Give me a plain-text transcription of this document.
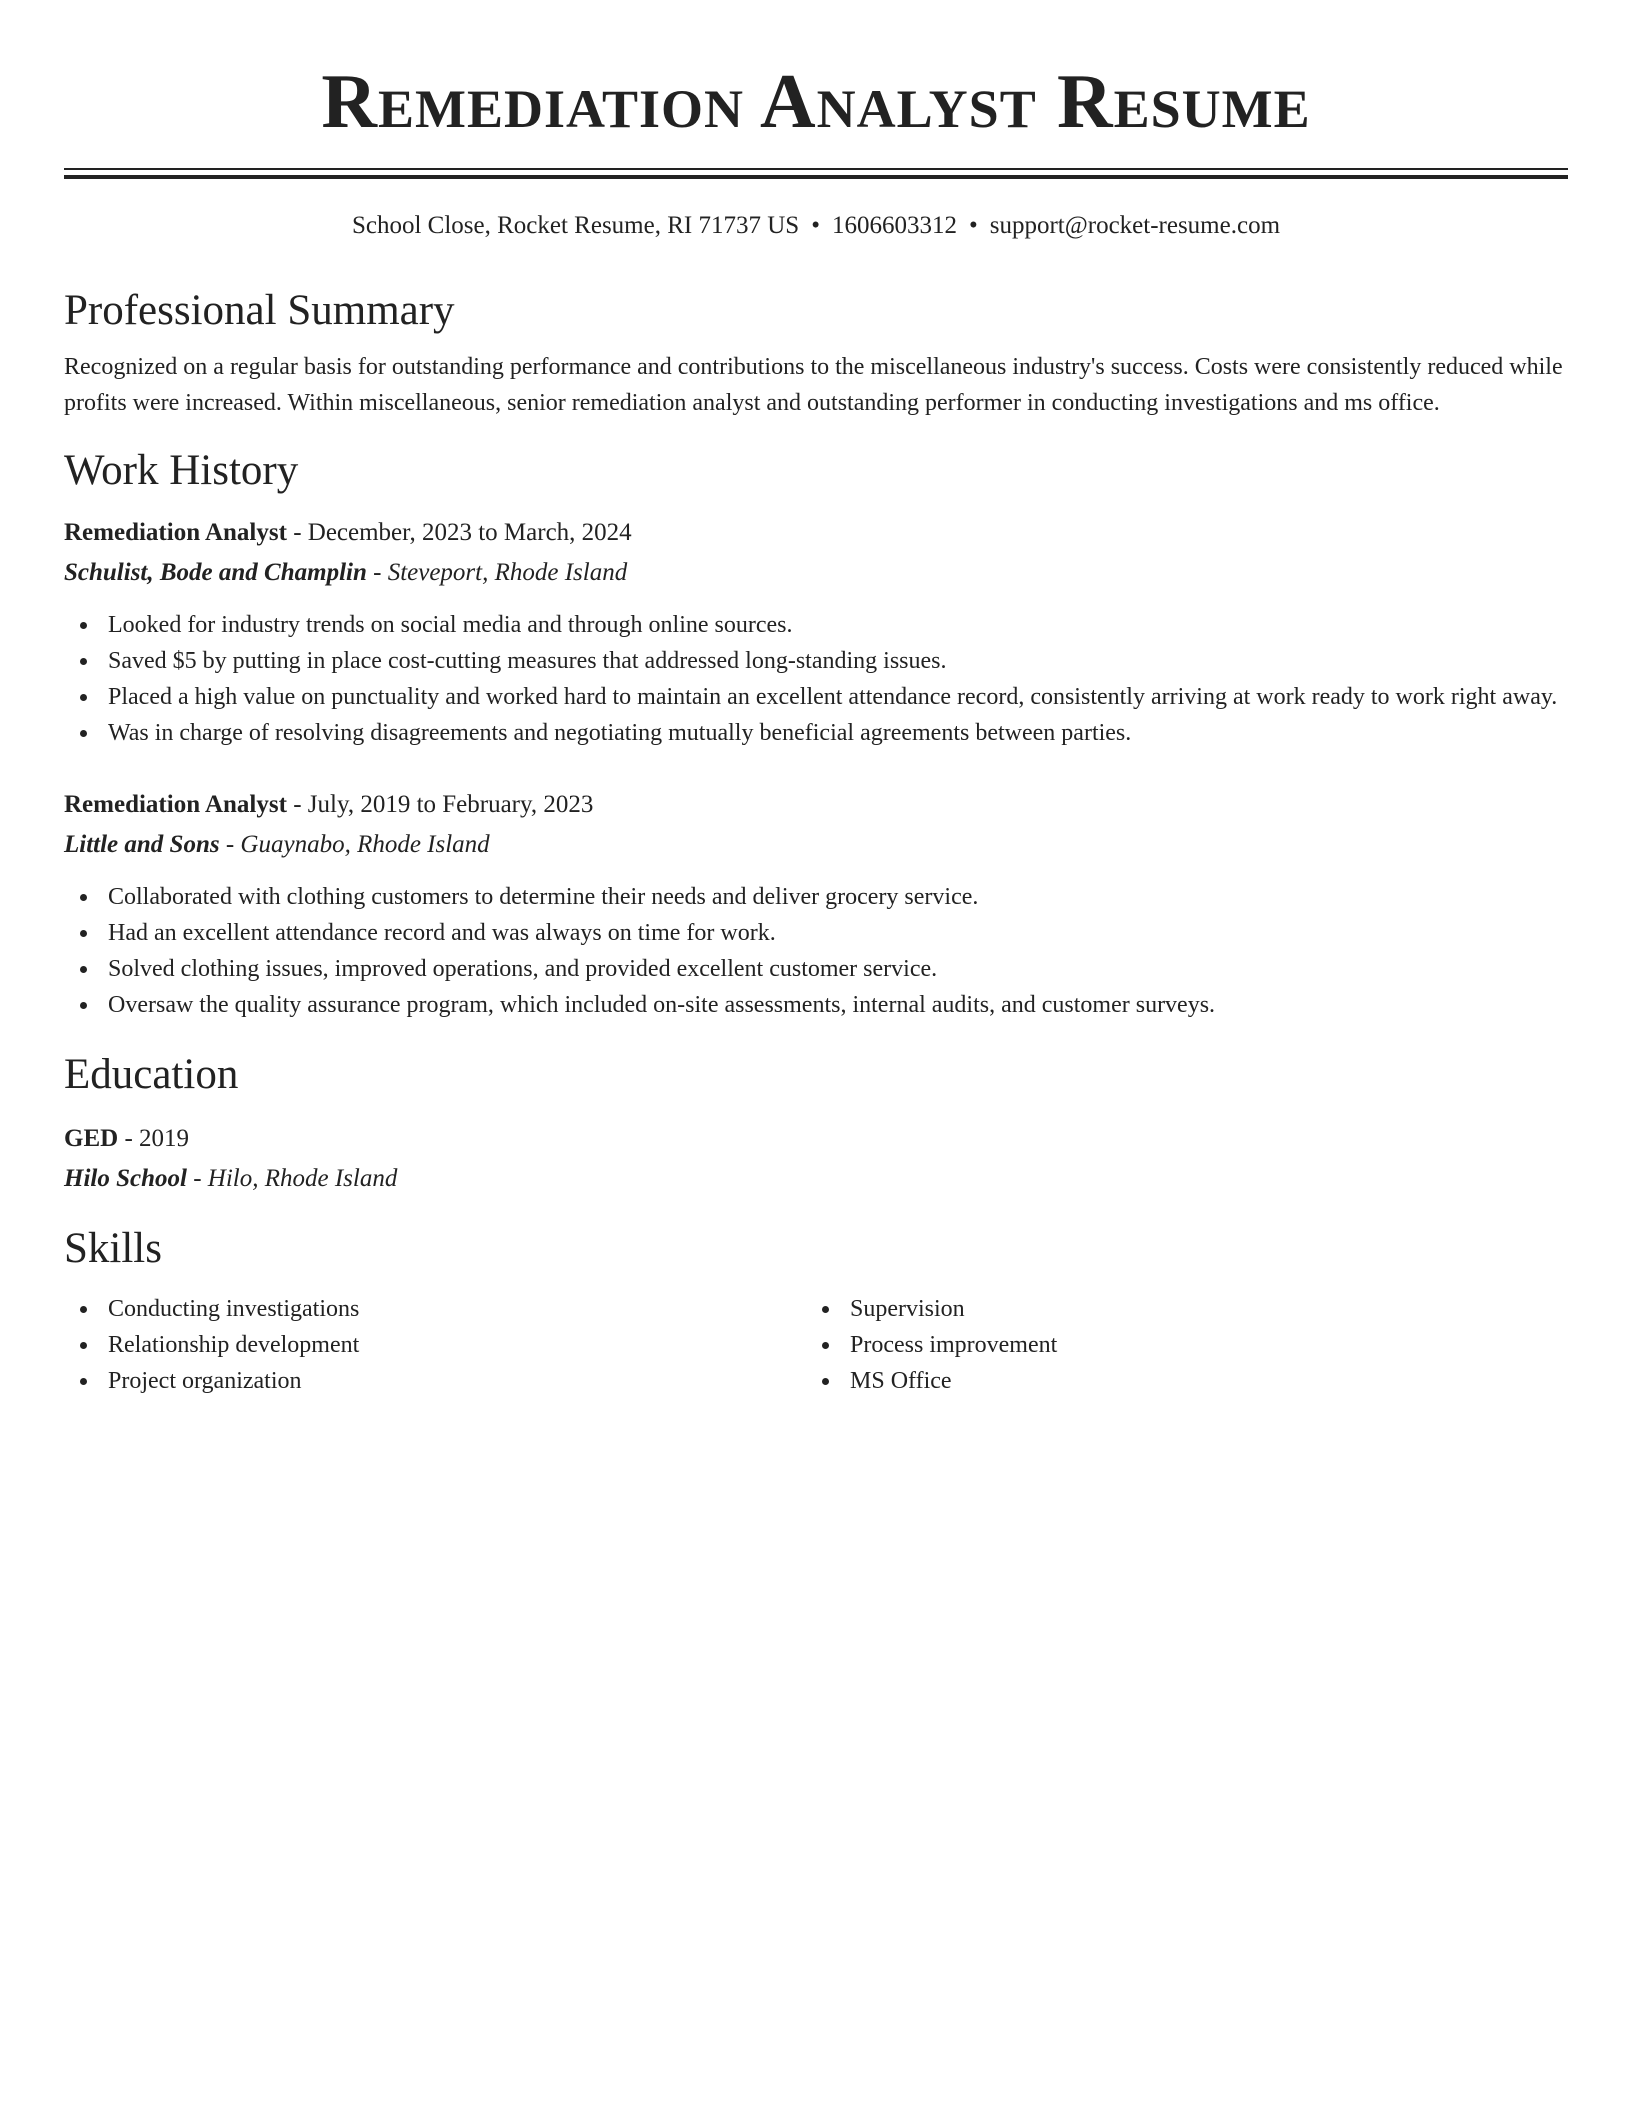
Remediation Analyst Resume
School Close, Rocket Resume, RI 71737 US • 1606603312 • support@rocket-resume.com
Professional Summary

Recognized on a regular basis for outstanding performance and contributions to the miscellaneous industry's success. Costs were consistently reduced while profits were increased. Within miscellaneous, senior remediation analyst and outstanding performer in conducting investigations and ms office.

Work History
Remediation Analyst - December, 2023 to March, 2024
Schulist, Bode and Champlin - Steveport, Rhode Island
Looked for industry trends on social media and through online sources.
Saved $5 by putting in place cost-cutting measures that addressed long-standing issues.
Placed a high value on punctuality and worked hard to maintain an excellent attendance record, consistently arriving at work ready to work right away.
Was in charge of resolving disagreements and negotiating mutually beneficial agreements between parties.
Remediation Analyst - July, 2019 to February, 2023
Little and Sons - Guaynabo, Rhode Island
Collaborated with clothing customers to determine their needs and deliver grocery service.
Had an excellent attendance record and was always on time for work.
Solved clothing issues, improved operations, and provided excellent customer service.
Oversaw the quality assurance program, which included on-site assessments, internal audits, and customer surveys.
Education
GED - 2019
Hilo School - Hilo, Rhode Island
Skills
Conducting investigations
Relationship development
Project organization
Supervision
Process improvement
MS Office
